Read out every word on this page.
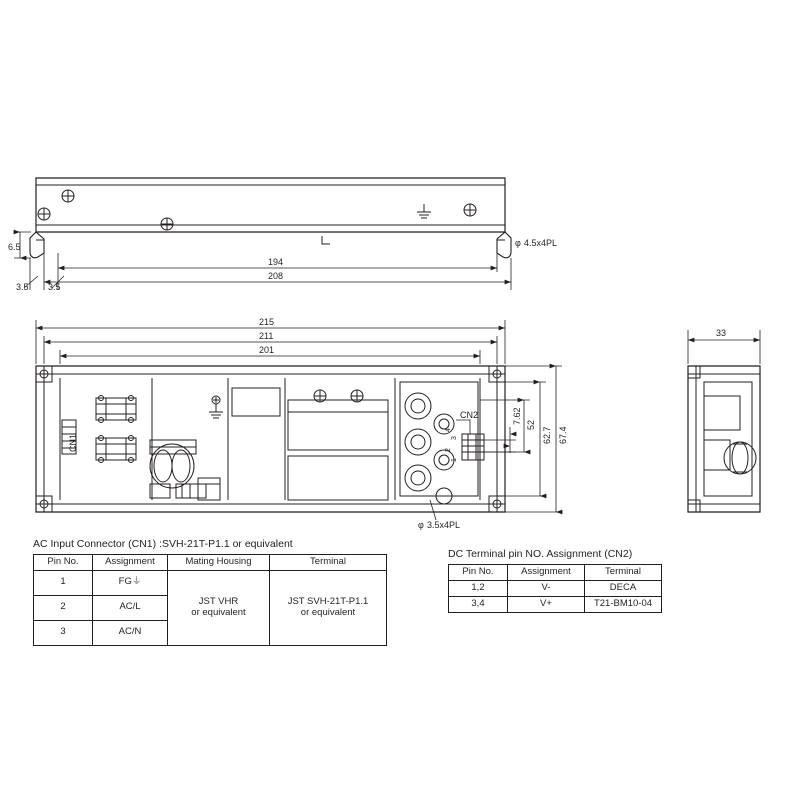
6.5
3.5 3.5
194
208
φ 4.5x4PL
215
211
201
67.4
62.7
52
7.62
φ 3.5x4PL
CN1
CN2
4
3
2
1
33
AC Input Connector (CN1) :SVH-21T-P1.1 or equivalent
Pin No.	Assignment	Mating Housing	Terminal
1	FG⏚	
JST VHR
or equivalent

JST SVH-21T-P1.1
or equivalent

2	AC/L		
3	AC/N		
DC Terminal pin NO. Assignment (CN2)
Pin No.	Assignment	Terminal
1,2	V-	DECA
3,4	V+	T21-BM10-04
